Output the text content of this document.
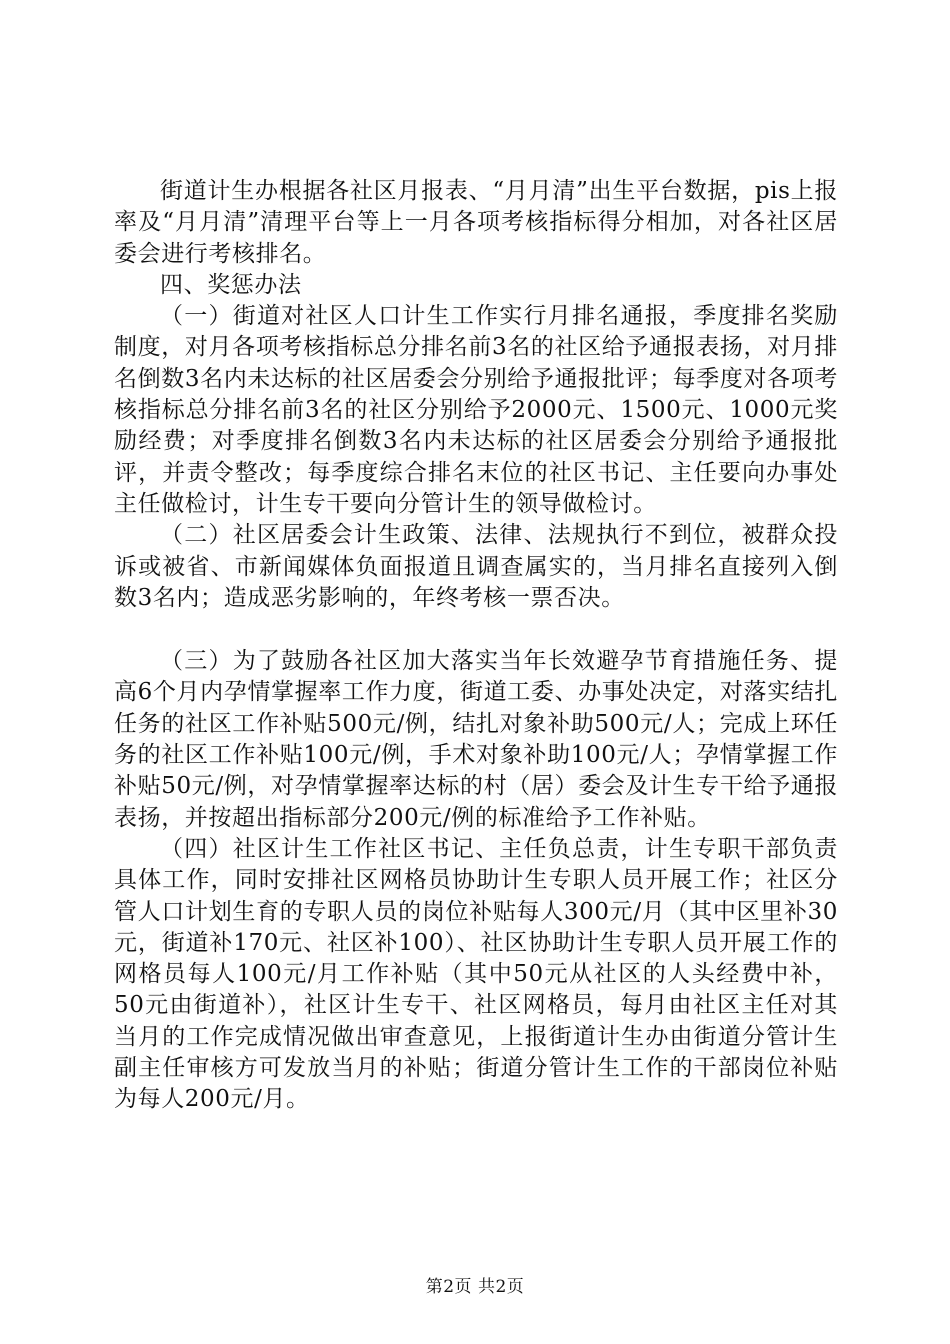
街道计生办根据各社区月报表、“月月清”出生平台数据，pis上报率及“月月清”清理平台等上一月各项考核指标得分相加，对各社区居委会进行考核排名。

四、奖惩办法

（一）街道对社区人口计生工作实行月排名通报，季度排名奖励制度，对月各项考核指标总分排名前3名的社区给予通报表扬，对月排名倒数3名内未达标的社区居委会分别给予通报批评；每季度对各项考核指标总分排名前3名的社区分别给予2000元、1500元、1000元奖励经费；对季度排名倒数3名内未达标的社区居委会分别给予通报批评，并责令整改；每季度综合排名末位的社区书记、主任要向办事处主任做检讨，计生专干要向分管计生的领导做检讨。

（二）社区居委会计生政策、法律、法规执行不到位，被群众投诉或被省、市新闻媒体负面报道且调查属实的，当月排名直接列入倒数3名内；造成恶劣影响的，年终考核一票否决。

（三）为了鼓励各社区加大落实当年长效避孕节育措施任务、提高6个月内孕情掌握率工作力度，街道工委、办事处决定，对落实结扎任务的社区工作补贴500元/例，结扎对象补助500元/人；完成上环任务的社区工作补贴100元/例，手术对象补助100元/人；孕情掌握工作补贴50元/例，对孕情掌握率达标的村（居）委会及计生专干给予通报表扬，并按超出指标部分200元/例的标准给予工作补贴。

（四）社区计生工作社区书记、主任负总责，计生专职干部负责具体工作，同时安排社区网格员协助计生专职人员开展工作；社区分管人口计划生育的专职人员的岗位补贴每人300元/月（其中区里补30元，街道补170元、社区补100）、社区协助计生专职人员开展工作的网格员每人100元/月工作补贴（其中50元从社区的人头经费中补，50元由街道补），社区计生专干、社区网格员，每月由社区主任对其当月的工作完成情况做出审查意见，上报街道计生办由街道分管计生副主任审核方可发放当月的补贴；街道分管计生工作的干部岗位补贴为每人200元/月。

第2页 共2页
